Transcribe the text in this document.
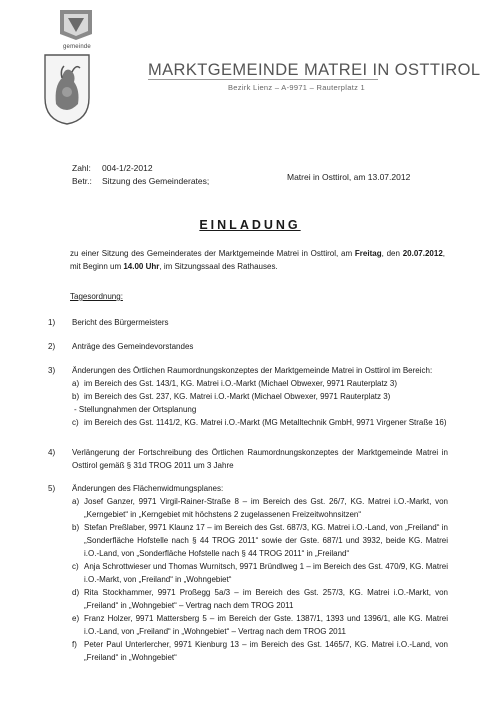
gemeinde
MARKTGEMEINDE MATREI IN OSTTIROL
Bezirk Lienz – A-9971 – Rauterplatz 1
Zahl: 004-1/2-2012
Betr.: Sitzung des Gemeinderates;	Matrei in Osttirol, am 13.07.2012
EINLADUNG
zu einer Sitzung des Gemeinderates der Marktgemeinde Matrei in Osttirol, am Freitag, den 20.07.2012, mit Beginn um 14.00 Uhr, im Sitzungssaal des Rathauses.
Tagesordnung:
1) Bericht des Bürgermeisters
2) Anträge des Gemeindevorstandes
3) Änderungen des Örtlichen Raumordnungskonzeptes der Marktgemeinde Matrei in Osttirol im Bereich:
a) im Bereich des Gst. 143/1, KG. Matrei i.O.-Markt (Michael Obwexer, 9971 Rauterplatz 3)
b) im Bereich des Gst. 237, KG. Matrei i.O.-Markt (Michael Obwexer, 9971 Rauterplatz 3)
- Stellungnahmen der Ortsplanung
c) im Bereich des Gst. 1141/2, KG. Matrei i.O.-Markt (MG Metalltechnik GmbH, 9971 Virgener Straße 16)
4) Verlängerung der Fortschreibung des Örtlichen Raumordnungskonzeptes der Marktgemeinde Matrei in Osttirol gemäß § 31d TROG 2011 um 3 Jahre
5) Änderungen des Flächenwidmungsplanes:
a) Josef Ganzer, 9971 Virgil-Rainer-Straße 8 – im Bereich des Gst. 26/7, KG. Matrei i.O.-Markt, von „Kerngebiet“ in „Kerngebiet mit höchstens 2 zugelassenen Freizeitwohnsitzen“
b) Stefan Preßlaber, 9971 Klaunz 17 – im Bereich des Gst. 687/3, KG. Matrei i.O.-Land, von „Freiland“ in „Sonderfläche Hofstelle nach § 44 TROG 2011“ sowie der Gste. 687/1 und 3932, beide KG. Matrei i.O.-Land, von „Sonderfläche Hofstelle nach § 44 TROG 2011“ in „Freiland“
c) Anja Schrottwieser und Thomas Wurnitsch, 9971 Bründlweg 1 – im Bereich des Gst. 470/9, KG. Matrei i.O.-Markt, von „Freiland“ in „Wohngebiet“
d) Rita Stockhammer, 9971 Proßegg 5a/3 – im Bereich des Gst. 257/3, KG. Matrei i.O.-Markt, von „Freiland“ in „Wohngebiet“ – Vertrag nach dem TROG 2011
e) Franz Holzer, 9971 Mattersberg 5 – im Bereich der Gste. 1387/1, 1393 und 1396/1, alle KG. Matrei i.O.-Land, von „Freiland“ in „Wohngebiet“ – Vertrag nach dem TROG 2011
f) Peter Paul Unterlercher, 9971 Kienburg 13 – im Bereich des Gst. 1465/7, KG. Matrei i.O.-Land, von „Freiland“ in „Wohngebiet“
